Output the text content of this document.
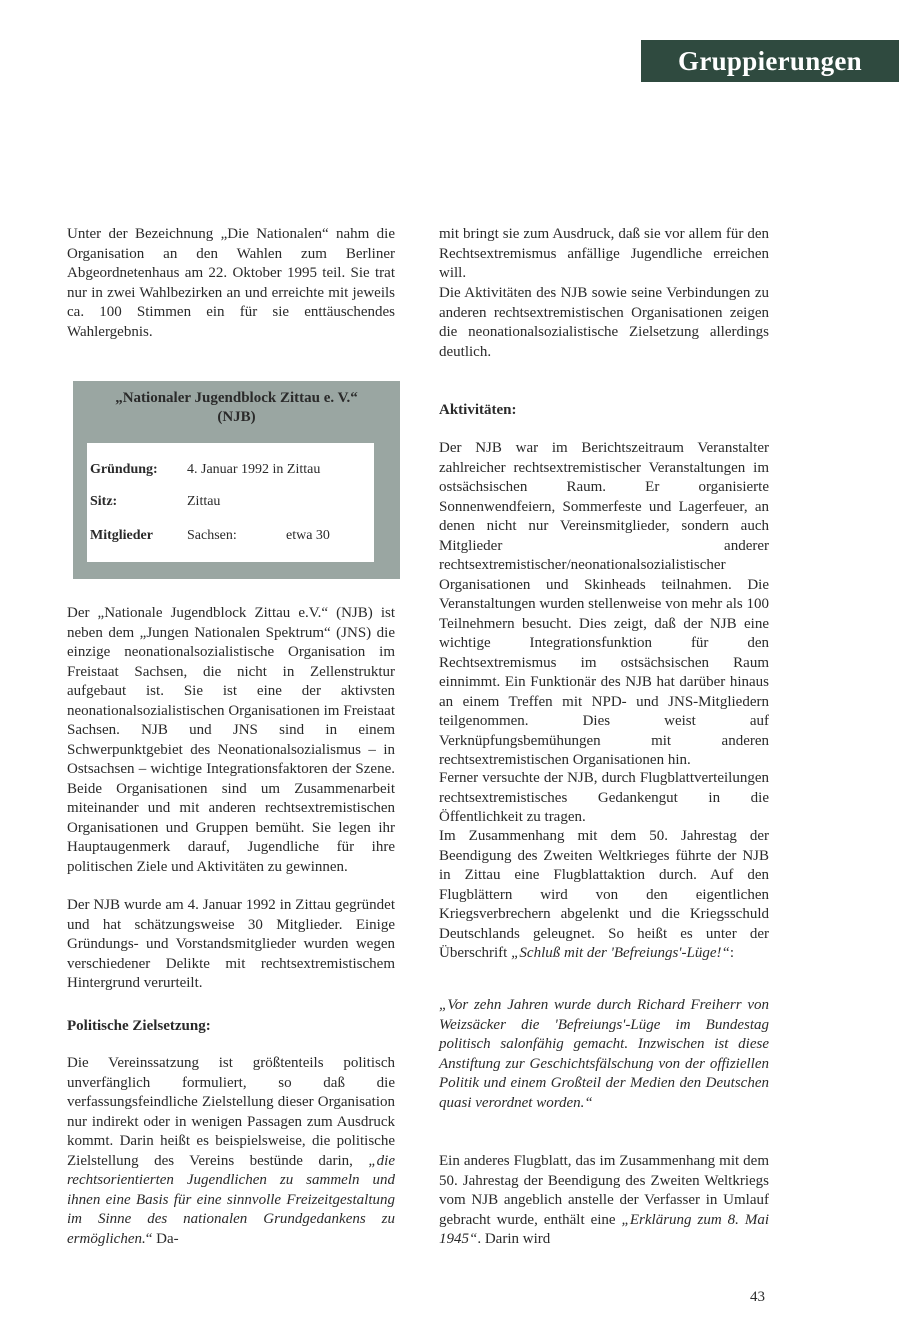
Gruppierungen

Unter der Bezeichnung „Die Nationalen“ nahm die Organisation an den Wahlen zum Berliner Abgeordnetenhaus am 22. Oktober 1995 teil. Sie trat nur in zwei Wahlbezirken an und erreichte mit jeweils ca. 100 Stimmen ein für sie enttäuschendes Wahlergebnis.

mit bringt sie zum Ausdruck, daß sie vor allem für den Rechtsextremismus anfällige Jugendliche erreichen will.

Die Aktivitäten des NJB sowie seine Verbindungen zu anderen rechtsextremistischen Organisationen zeigen die neonationalsozialistische Zielsetzung allerdings deutlich.

„Nationaler Jugendblock Zittau e. V.“
(NJB)
Gründung: 4. Januar 1992 in Zittau
Sitz:	Zittau
Mitglieder Sachsen:	etwa 30

Der „Nationale Jugendblock Zittau e.V.“ (NJB) ist neben dem „Jungen Nationalen Spektrum“ (JNS) die einzige neonationalsozialistische Organisation im Freistaat Sachsen, die nicht in Zellenstruktur aufgebaut ist. Sie ist eine der aktivsten neonationalsozialistischen Organisationen im Freistaat Sachsen. NJB und JNS sind in einem Schwerpunktgebiet des Neonationalsozialismus – in Ostsachsen – wichtige Integrationsfaktoren der Szene. Beide Organisationen sind um Zusammenarbeit miteinander und mit anderen rechtsextremistischen Organisationen und Gruppen bemüht. Sie legen ihr Hauptaugenmerk darauf, Jugendliche für ihre politischen Ziele und Aktivitäten zu gewinnen.

Der NJB wurde am 4. Januar 1992 in Zittau gegründet und hat schätzungsweise 30 Mitglieder. Einige Gründungs- und Vorstandsmitglieder wurden wegen verschiedener Delikte mit rechtsextremistischem Hintergrund verurteilt.

Politische Zielsetzung:

Die Vereinssatzung ist größtenteils politisch unverfänglich formuliert, so daß die verfassungsfeindliche Zielstellung dieser Organisation nur indirekt oder in wenigen Passagen zum Ausdruck kommt. Darin heißt es beispielsweise, die politische Zielstellung des Vereins bestünde darin, „die rechtsorientierten Jugendlichen zu sammeln und ihnen eine Basis für eine sinnvolle Freizeitgestaltung im Sinne des nationalen Grundgedankens zu ermöglichen.“ Da-

Aktivitäten:

Der NJB war im Berichtszeitraum Veranstalter zahlreicher rechtsextremistischer Veranstaltungen im ostsächsischen Raum. Er organisierte Sonnenwendfeiern, Sommerfeste und Lagerfeuer, an denen nicht nur Vereinsmitglieder, sondern auch Mitglieder anderer rechtsextremistischer/neonationalsozialistischer Organisationen und Skinheads teilnahmen. Die Veranstaltungen wurden stellenweise von mehr als 100 Teilnehmern besucht. Dies zeigt, daß der NJB eine wichtige Integrationsfunktion für den Rechtsextremismus im ostsächsischen Raum einnimmt. Ein Funktionär des NJB hat darüber hinaus an einem Treffen mit NPD- und JNS-Mitgliedern teilgenommen. Dies weist auf Verknüpfungsbemühungen mit anderen rechtsextremistischen Organisationen hin.

Ferner versuchte der NJB, durch Flugblattverteilungen rechtsextremistisches Gedankengut in die Öffentlichkeit zu tragen.

Im Zusammenhang mit dem 50. Jahrestag der Beendigung des Zweiten Weltkrieges führte der NJB in Zittau eine Flugblattaktion durch. Auf den Flugblättern wird von den eigentlichen Kriegsverbrechern abgelenkt und die Kriegsschuld Deutschlands geleugnet. So heißt es unter der Überschrift „Schluß mit der 'Befreiungs'-Lüge!“:

„Vor zehn Jahren wurde durch Richard Freiherr von Weizsäcker die 'Befreiungs'-Lüge im Bundestag politisch salonfähig gemacht. Inzwischen ist diese Anstiftung zur Geschichtsfälschung von der offiziellen Politik und einem Großteil der Medien den Deutschen quasi verordnet worden.“

Ein anderes Flugblatt, das im Zusammenhang mit dem 50. Jahrestag der Beendigung des Zweiten Weltkriegs vom NJB angeblich anstelle der Verfasser in Umlauf gebracht wurde, enthält eine „Erklärung zum 8. Mai 1945“. Darin wird

43
